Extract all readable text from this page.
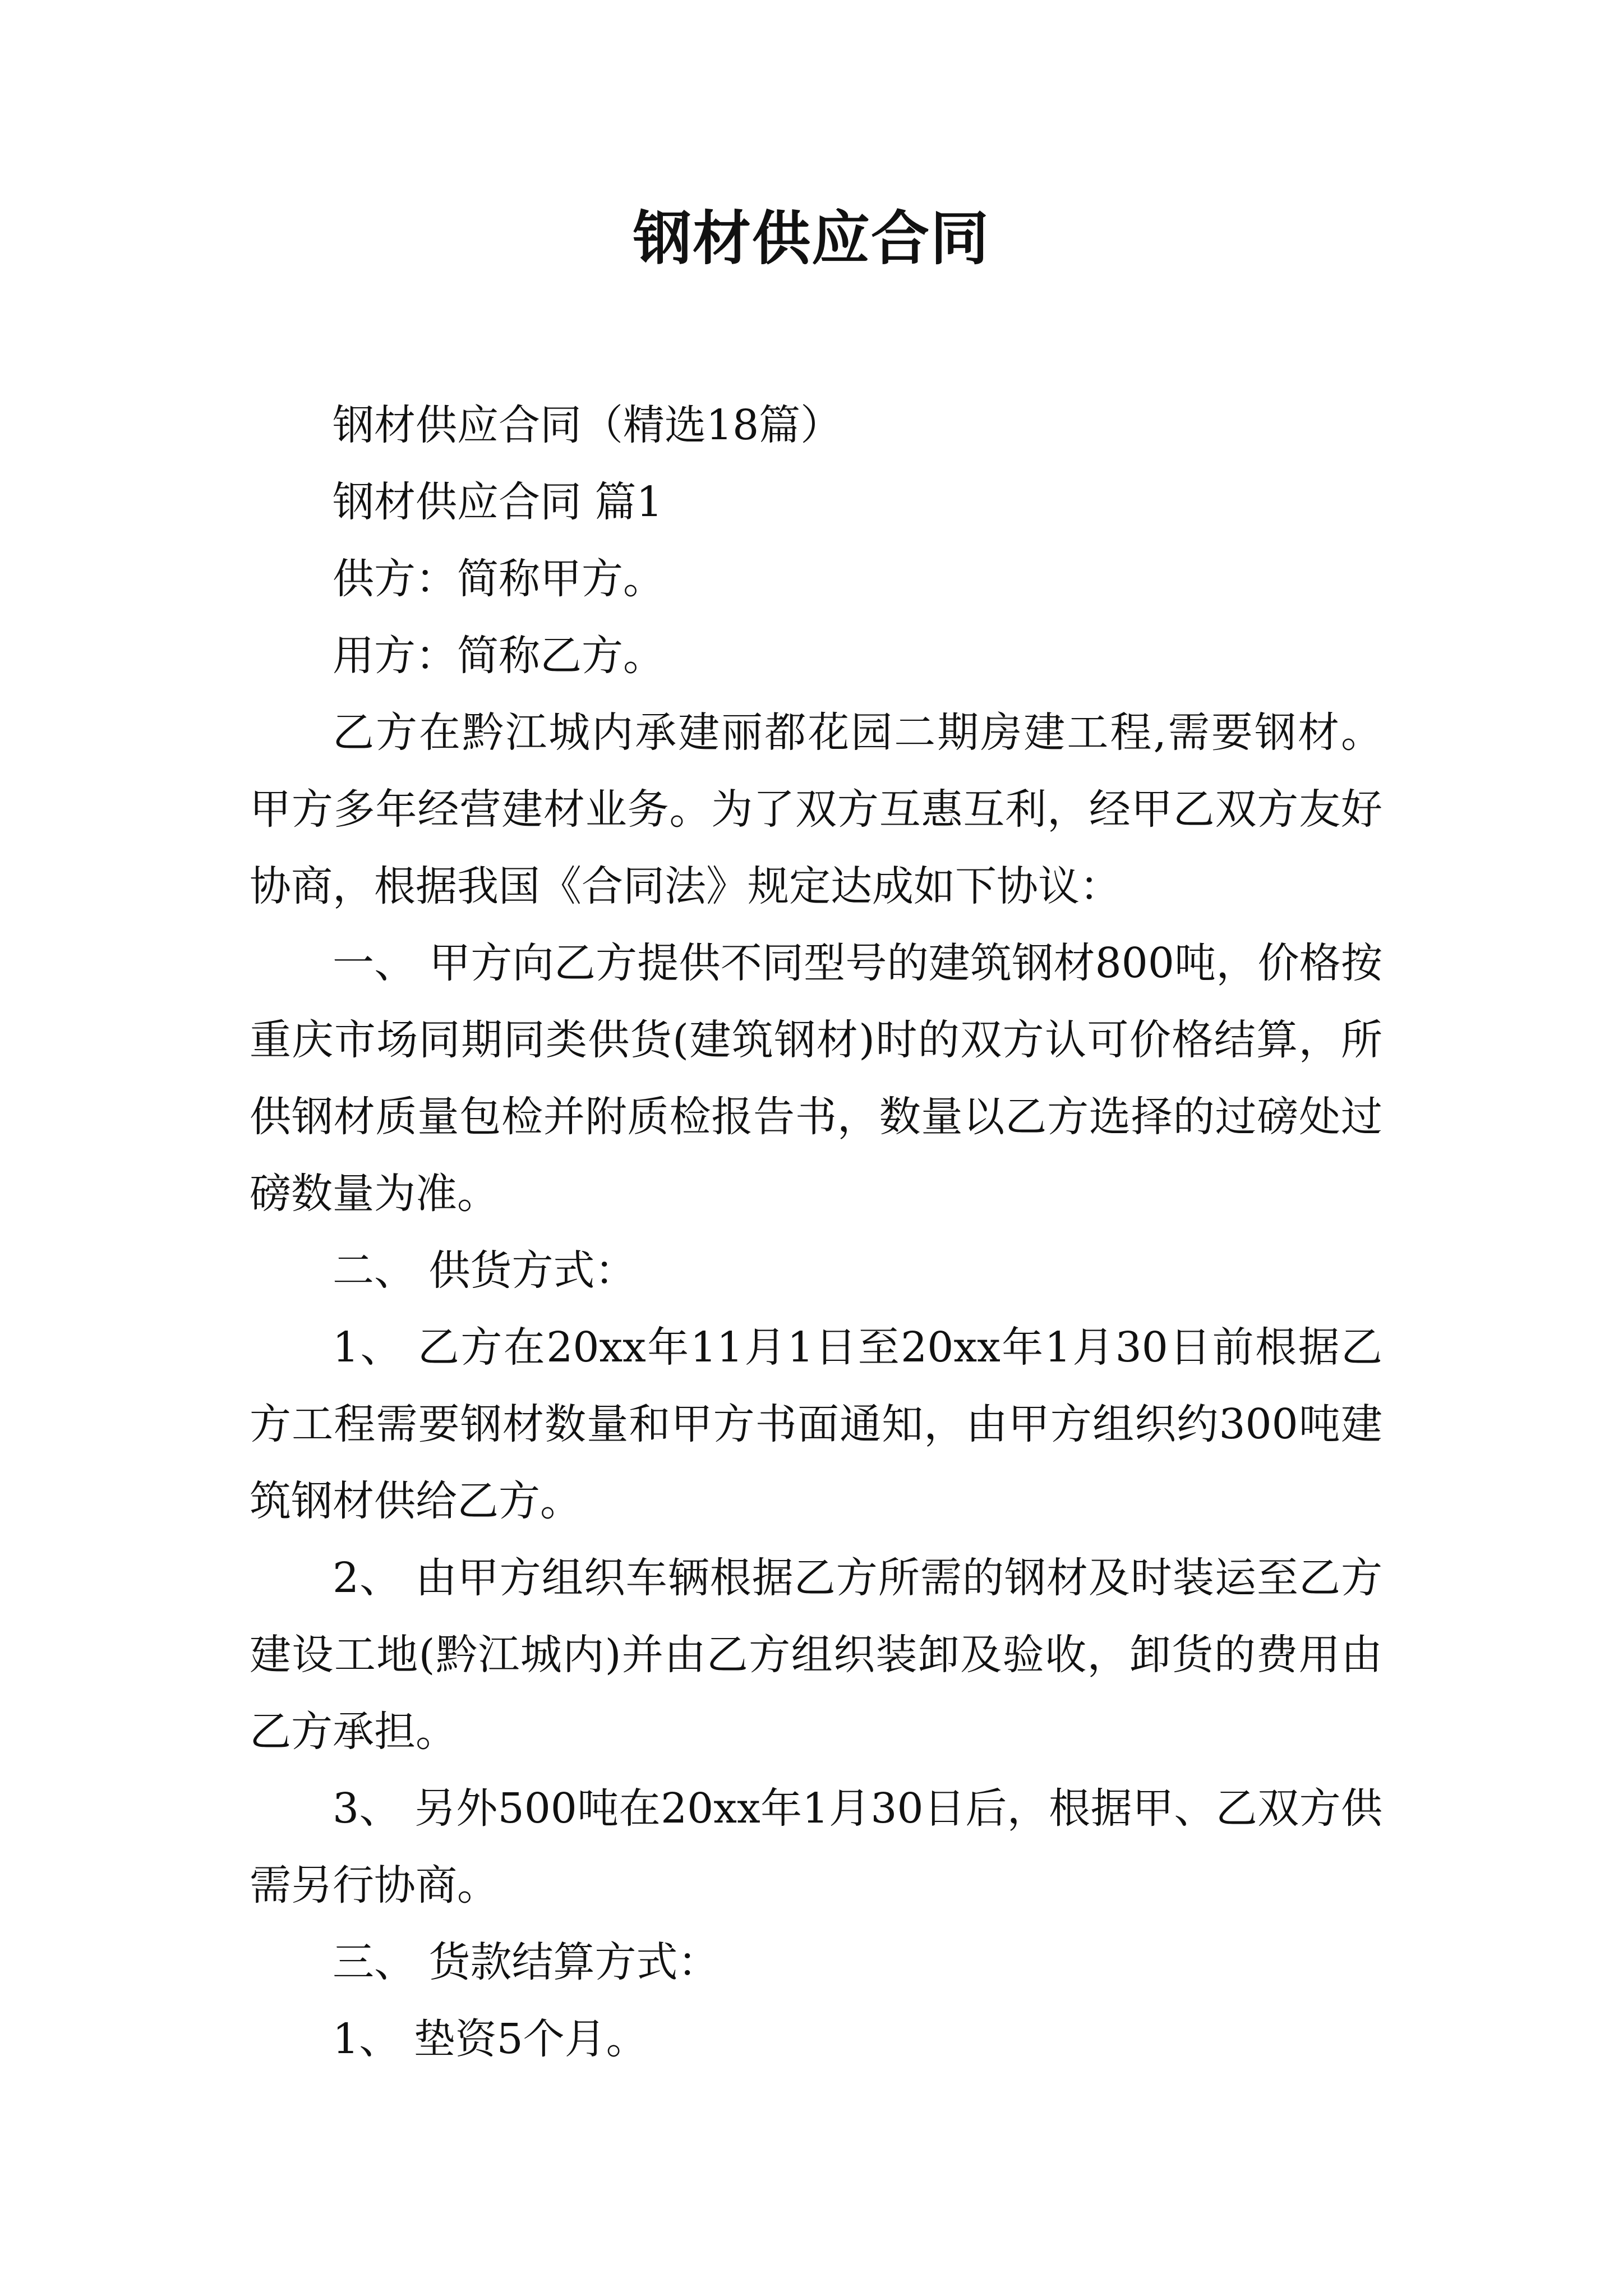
钢材供应合同

钢材供应合同（精选18篇）

钢材供应合同 篇1

供方：简称甲方。

用方：简称乙方。

乙方在黔江城内承建丽都花园二期房建工程,需要钢材。甲方多年经营建材业务。为了双方互惠互利，经甲乙双方友好协商，根据我国《合同法》规定达成如下协议：

一、 甲方向乙方提供不同型号的建筑钢材800吨，价格按重庆市场同期同类供货(建筑钢材)时的双方认可价格结算，所供钢材质量包检并附质检报告书，数量以乙方选择的过磅处过磅数量为准。

二、 供货方式：

1、 乙方在20xx年11月1日至20xx年1月30日前根据乙方工程需要钢材数量和甲方书面通知，由甲方组织约300吨建筑钢材供给乙方。

2、 由甲方组织车辆根据乙方所需的钢材及时装运至乙方建设工地(黔江城内)并由乙方组织装卸及验收，卸货的费用由乙方承担。

3、 另外500吨在20xx年1月30日后，根据甲、乙双方供需另行协商。

三、 货款结算方式：

1、 垫资5个月。
